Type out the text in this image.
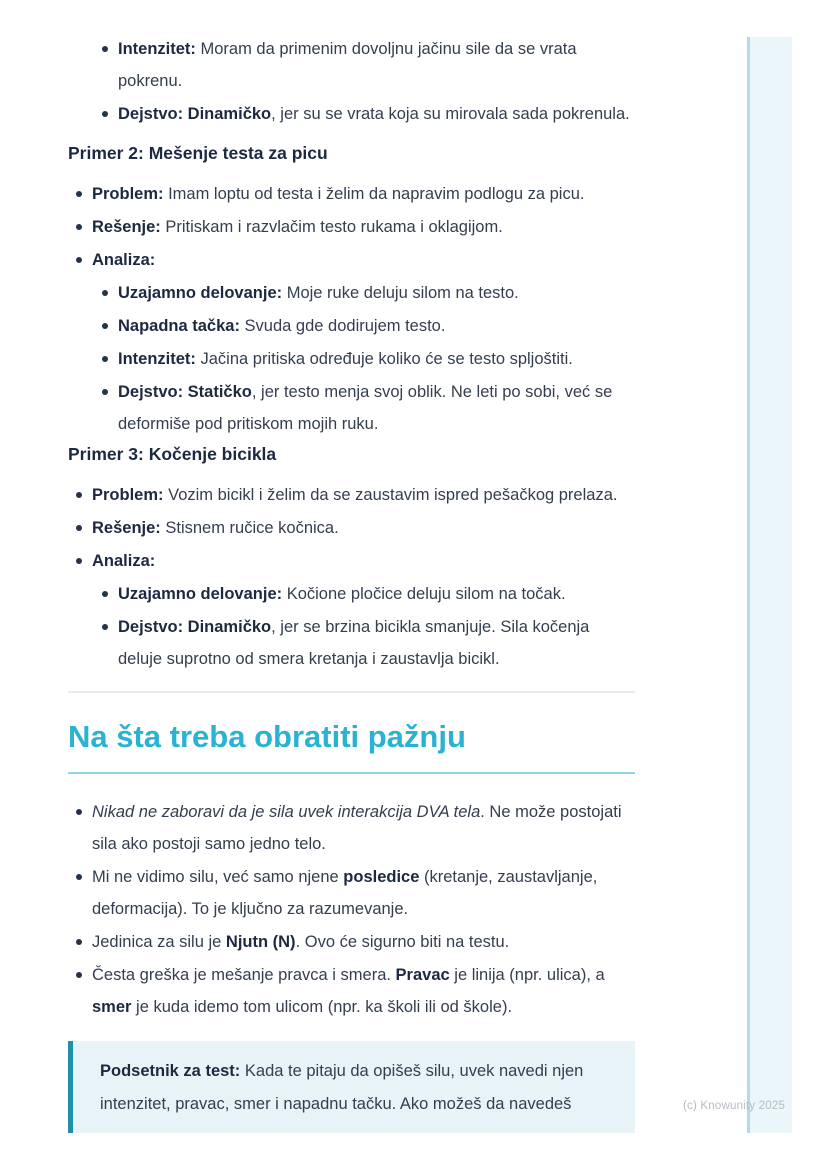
(c) Knowunity 2025
Intenzitet: Moram da primenim dovoljnu jačinu sile da se vrata pokrenu.
Dejstvo: Dinamičko, jer su se vrata koja su mirovala sada pokrenula.
Primer 2: Mešenje testa za picu
Problem: Imam loptu od testa i želim da napravim podlogu za picu.
Rešenje: Pritiskam i razvlačim testo rukama i oklagijom.
Analiza:
Uzajamno delovanje: Moje ruke deluju silom na testo.
Napadna tačka: Svuda gde dodirujem testo.
Intenzitet: Jačina pritiska određuje koliko će se testo spljoštiti.
Dejstvo: Statičko, jer testo menja svoj oblik. Ne leti po sobi, već se deformiše pod pritiskom mojih ruku.
Primer 3: Kočenje bicikla
Problem: Vozim bicikl i želim da se zaustavim ispred pešačkog prelaza.
Rešenje: Stisnem ručice kočnica.
Analiza:
Uzajamno delovanje: Kočione pločice deluju silom na točak.
Dejstvo: Dinamičko, jer se brzina bicikla smanjuje. Sila kočenja deluje suprotno od smera kretanja i zaustavlja bicikl.
Na šta treba obratiti pažnju
Nikad ne zaboravi da je sila uvek interakcija DVA tela. Ne može postojati sila ako postoji samo jedno telo.
Mi ne vidimo silu, već samo njene posledice (kretanje, zaustavljanje, deformacija). To je ključno za razumevanje.
Jedinica za silu je Njutn (N). Ovo će sigurno biti na testu.
Česta greška je mešanje pravca i smera. Pravac je linija (npr. ulica), a smer je kuda idemo tom ulicom (npr. ka školi ili od škole).
Podsetnik za test: Kada te pitaju da opišeš silu, uvek navedi njen intenzitet, pravac, smer i napadnu tačku. Ako možeš da navedeš
